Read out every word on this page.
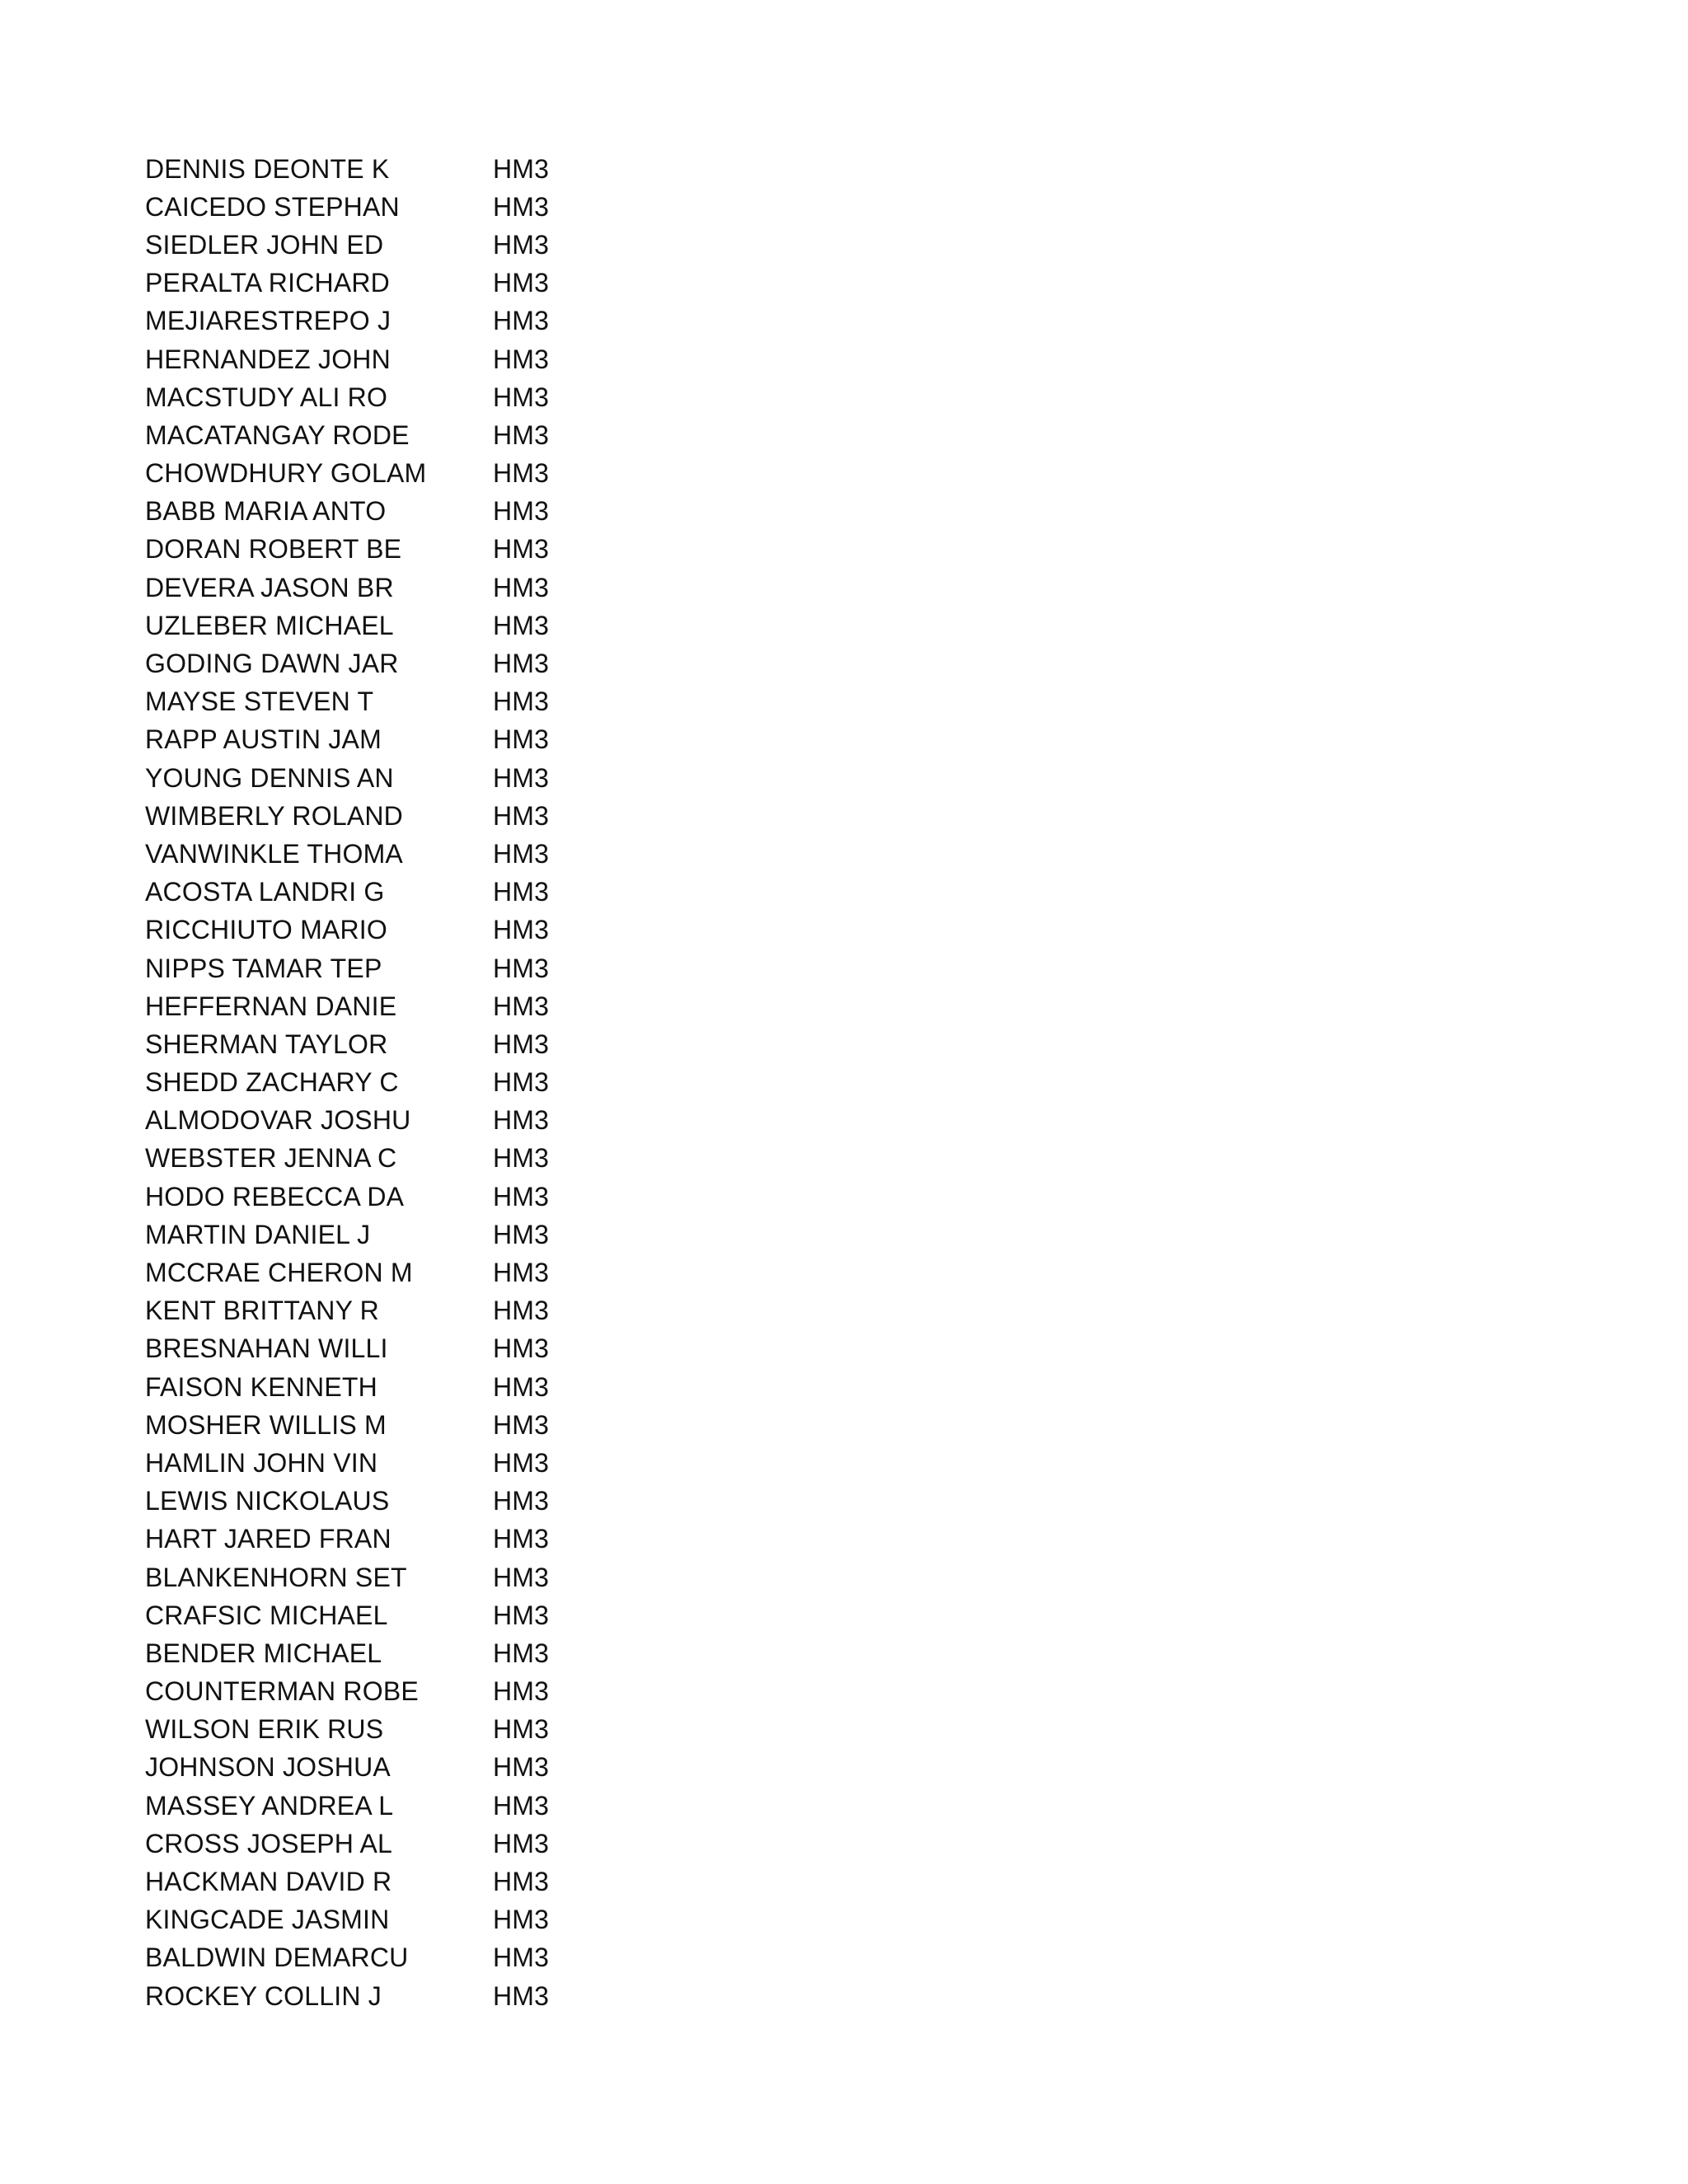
DENNIS DEONTE K	HM3
CAICEDO STEPHAN	HM3
SIEDLER JOHN ED	HM3
PERALTA RICHARD	HM3
MEJIARESTREPO J	HM3
HERNANDEZ JOHN	HM3
MACSTUDY ALI RO	HM3
MACATANGAY RODE	HM3
CHOWDHURY GOLAM	HM3
BABB MARIA ANTO	HM3
DORAN ROBERT BE	HM3
DEVERA JASON BR	HM3
UZLEBER MICHAEL	HM3
GODING DAWN JAR	HM3
MAYSE STEVEN T	HM3
RAPP AUSTIN JAM	HM3
YOUNG DENNIS AN	HM3
WIMBERLY ROLAND	HM3
VANWINKLE THOMA	HM3
ACOSTA LANDRI G	HM3
RICCHIUTO MARIO	HM3
NIPPS TAMAR TEP	HM3
HEFFERNAN DANIE	HM3
SHERMAN TAYLOR	HM3
SHEDD ZACHARY C	HM3
ALMODOVAR JOSHU	HM3
WEBSTER JENNA C	HM3
HODO REBECCA DA	HM3
MARTIN DANIEL J	HM3
MCCRAE CHERON M	HM3
KENT BRITTANY R	HM3
BRESNAHAN WILLI	HM3
FAISON KENNETH	HM3
MOSHER WILLIS M	HM3
HAMLIN JOHN VIN	HM3
LEWIS NICKOLAUS	HM3
HART JARED FRAN	HM3
BLANKENHORN SET	HM3
CRAFSIC MICHAEL	HM3
BENDER MICHAEL	HM3
COUNTERMAN ROBE	HM3
WILSON ERIK RUS	HM3
JOHNSON JOSHUA	HM3
MASSEY ANDREA L	HM3
CROSS JOSEPH AL	HM3
HACKMAN DAVID R	HM3
KINGCADE JASMIN	HM3
BALDWIN DEMARCU	HM3
ROCKEY COLLIN J	HM3
